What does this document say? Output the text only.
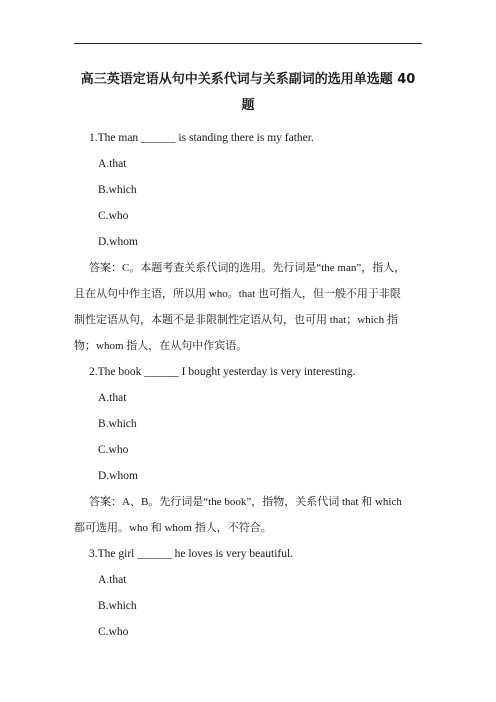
高三英语定语从句中关系代词与关系副词的选用单选题 40
题
1.The man ______ is standing there is my father.
A.that
B.which
C.who
D.whom
答案：C。本题考查关系代词的选用。先行词是“the man”，指人，
且在从句中作主语，所以用 who。that 也可指人，但一般不用于非限
制性定语从句，本题不是非限制性定语从句，也可用 that；which 指
物；whom 指人，在从句中作宾语。
2.The book ______ I bought yesterday is very interesting.
A.that
B.which
C.who
D.whom
答案：A、B。先行词是“the book”，指物，关系代词 that 和 which
都可选用。who 和 whom 指人，不符合。
3.The girl ______ he loves is very beautiful.
A.that
B.which
C.who
